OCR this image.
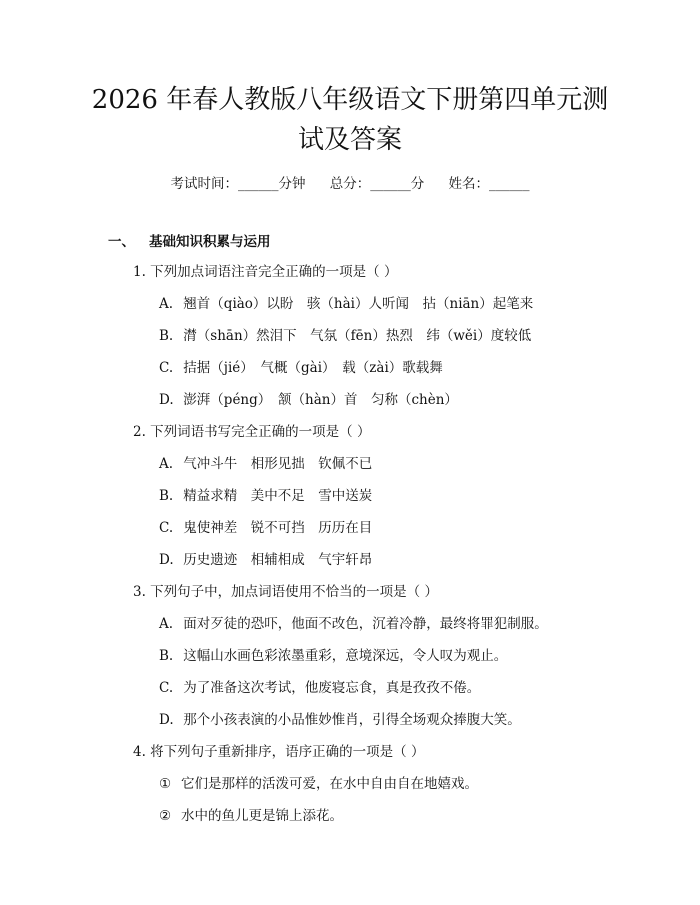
2026 年春人教版八年级语文下册第四单元测
试及答案
考试时间：______分钟 总分：______分 姓名：______
一、 基础知识积累与运用

1. 下列加点词语注音完全正确的一项是（ ）

A. 翘首（qiào）以盼　骇（hài）人听闻　拈（niān）起笔来

B. 潸（shān）然泪下　气氛（fēn）热烈　纬（wěi）度较低

C. 拮据（jié）　气概（gài）　载（zài）歌载舞

D. 澎湃（péng）　颔（hàn）首　匀称（chèn）

2. 下列词语书写完全正确的一项是（ ）

A. 气冲斗牛　相形见拙　钦佩不已

B. 精益求精　美中不足　雪中送炭

C. 鬼使神差　锐不可挡　历历在目

D. 历史遗迹　相辅相成　气宇轩昂

3. 下列句子中，加点词语使用不恰当的一项是（ ）

A. 面对歹徒的恐吓，他面不改色，沉着冷静，最终将罪犯制服。

B. 这幅山水画色彩浓墨重彩，意境深远，令人叹为观止。

C. 为了准备这次考试，他废寝忘食，真是孜孜不倦。

D. 那个小孩表演的小品惟妙惟肖，引得全场观众捧腹大笑。

4. 将下列句子重新排序，语序正确的一项是（ ）

① 它们是那样的活泼可爱，在水中自由自在地嬉戏。

② 水中的鱼儿更是锦上添花。
